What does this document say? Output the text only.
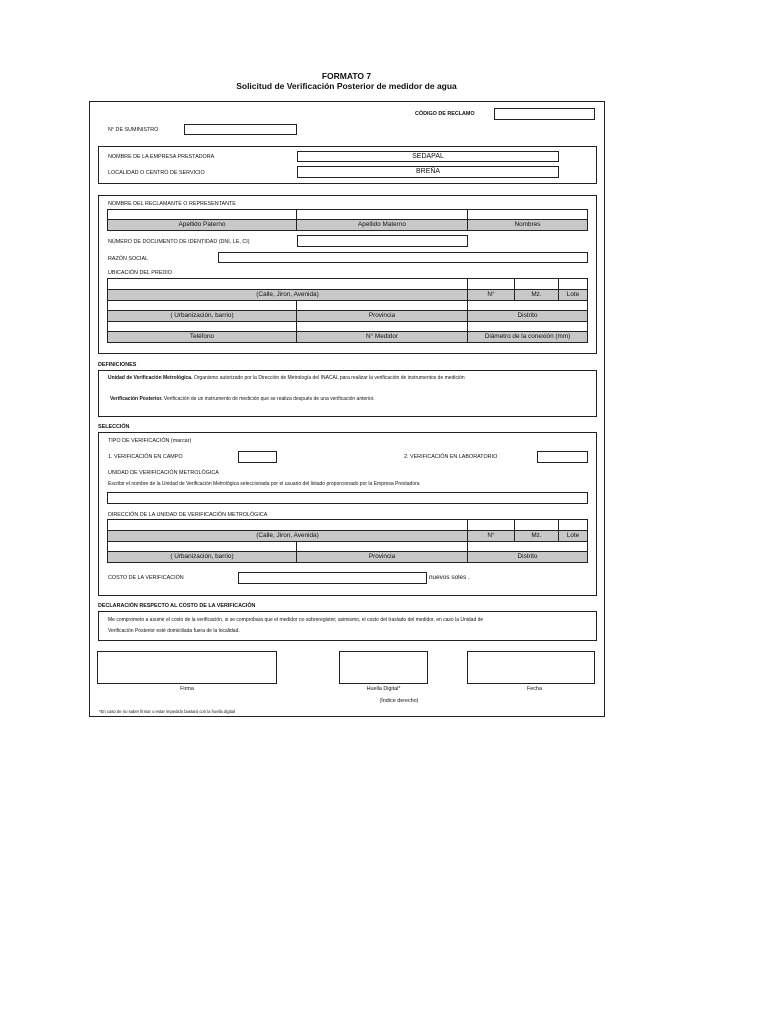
FORMATO 7
Solicitud de Verificación Posterior de medidor de agua
CÓDIGO DE RECLAMO
N° DE SUMINISTRO
NOMBRE DE LA EMPRESA PRESTADORA	SEDAPAL
LOCALIDAD O CENTRO DE SERVICIO	BREÑA
NOMBRE DEL RECLAMANTE O REPRESENTANTE
Apellido Paterno	Apellido Materno	Nombres
NÚMERO DE DOCUMENTO DE IDENTIDAD (DNI, LE, CI)
RAZÓN SOCIAL
UBICACIÓN DEL PREDIO
(Calle, Jiron, Avenida)	N°	Mz.	Lote
( Urbanización, barrio)	Provincia	Distrito
Teléfono	N° Medidor	Diámetro de la conexión (mm)
DEFINICIONES
Unidad de Verificación Metrológica. Organismo autorizado por la Dirección de Metrología del INACAL para realizar la verificación de instrumentos de medición
Verificación Posterior. Verificación de un instrumento de medición que se realiza después de una verificación anterior.
SELECCIÓN
TIPO DE VERIFICACIÓN (marcar)
1. VERIFICACIÓN EN CAMPO	2. VERIFICACIÓN EN LABORATORIO
UNIDAD DE VERIFICACIÓN METROLÓGICA
Escribir el nombre de la Unidad de Verificación Metrológica seleccionada por el usuario del listado proporcionado por la Empresa Prestadora
DIRECCIÓN DE LA UNIDAD DE VERIFICACIÓN METROLÓGICA
(Calle, Jiron, Avenida)	N°	Mz.	Lote
( Urbanización, barrio)	Provincia	Distrito
COSTO DE LA VERIFICACIÓN	nuevos soles .
DECLARACIÓN RESPECTO AL COSTO DE LA VERIFICACIÓN
Me comprometo a asumir el costo de la verificación, si se comprobara que el medidor no sobreregistre; asimismo, el costo del traslado del medidor, en caso la Unidad de
Verificación Posterior esté domiciliada fuera de la localidad.
Firma	Huella Digital*
(Índice derecho)
Fecha
*En caso de no saber firmar o estar impedido bastará con la huella digital
